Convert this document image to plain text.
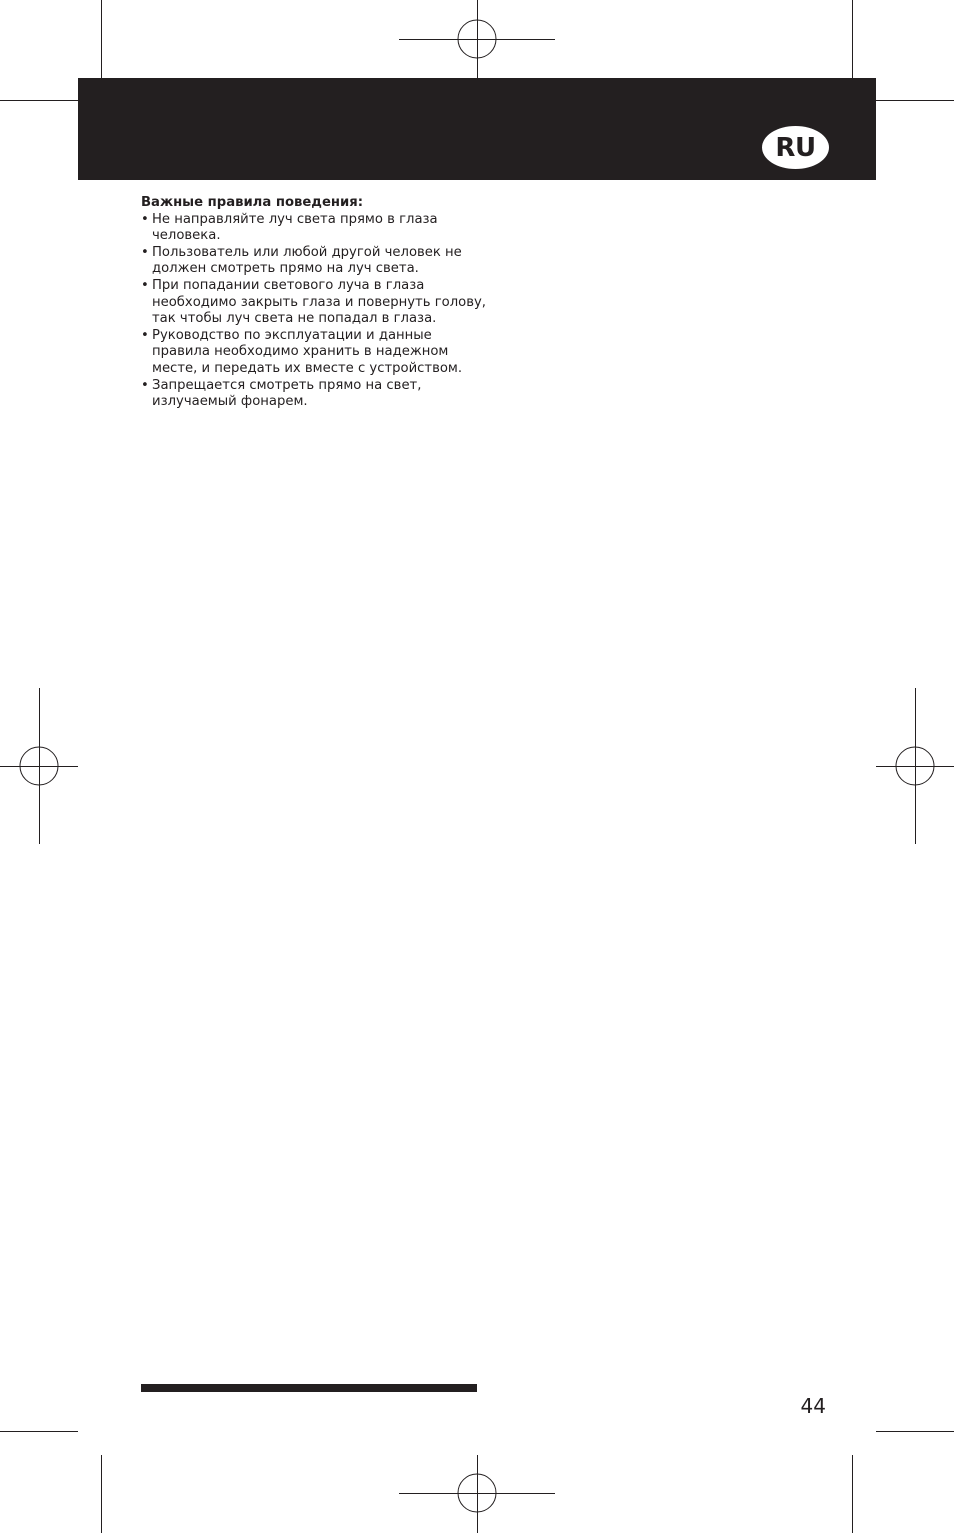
RU

Важные правила поведения:

• Не направляйте луч света прямо в глаза человека.
• Пользователь или любой другой человек не должен смотреть прямо на луч света.
• При попадании светового луча в глаза необходимо закрыть глаза и повернуть голову, так чтобы луч света не попадал в глаза.
• Руководство по эксплуатации и данные правила необходимо хранить в надежном месте, и передать их вместе с устройством.
• Запрещается смотреть прямо на свет, излучаемый фонарем.
44
